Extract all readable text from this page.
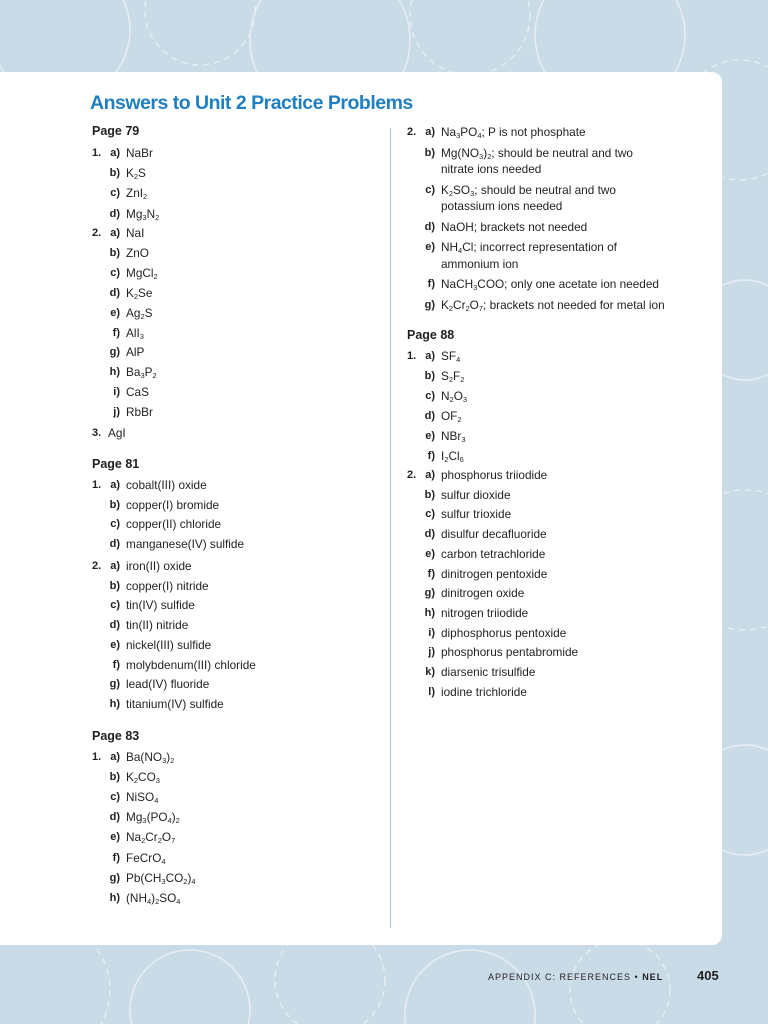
Answers to Unit 2 Practice Problems
Page 79
1. a) NaBr
b) $K_2S$
c) ZnI$_2$
d) $Mg_3N_2$
2. a) NaI
b) ZnO
c) MgCl$_2$
d) $K_2Se$
e) $Ag_2S$
f) AlI$_3$
g) AlP
h) $Ba_3P_2$
i) CaS
j) RbBr
3. AgI
Page 81
1. a) cobalt(III) oxide
b) copper(I) bromide
c) copper(II) chloride
d) manganese(IV) sulfide
2. a) iron(II) oxide
b) copper(I) nitride
c) tin(IV) sulfide
d) tin(II) nitride
e) nickel(III) sulfide
f) molybdenum(III) chloride
g) lead(IV) fluoride
h) titanium(IV) sulfide
Page 83
1. a) $Ba(NO_3)_2$
b) $K_2CO_3$
c) NiSO$_4$
d) $Mg_3(PO_4)_2$
e) $Na_2Cr_2O_7$
f) FeCrO$_4$
g) $Pb(CH_3CO_2)_4$
h) $(NH_4)_2SO_4$
2. a) $Na_3PO_4$; P is not phosphate
b) $Mg(NO_3)_2$; should be neutral and two
nitrate ions needed
c) $K_2SO_3$; should be neutral and two
potassium ions needed
d) NaOH; brackets not needed
e) $NH_4Cl$; incorrect representation of
ammonium ion
f) NaCH$_3$COO; only one acetate ion needed
g) $K_2Cr_2O_7$; brackets not needed for metal ion
Page 88
1. a) $SF_4$
b) $S_2F_2$
c) $N_2O_3$
d) $OF_2$
e) NBr$_3$
f) $I_2Cl_6$
2. a) phosphorus triiodide
b) sulfur dioxide
c) sulfur trioxide
d) disulfur decafluoride
e) carbon tetrachloride
f) dinitrogen pentoxide
g) dinitrogen oxide
h) nitrogen triiodide
i) diphosphorus pentoxide
j) phosphorus pentabromide
k) diarsenic trisulfide
l) iodine trichloride
APPENDIX C: REFERENCES • NEL	405
